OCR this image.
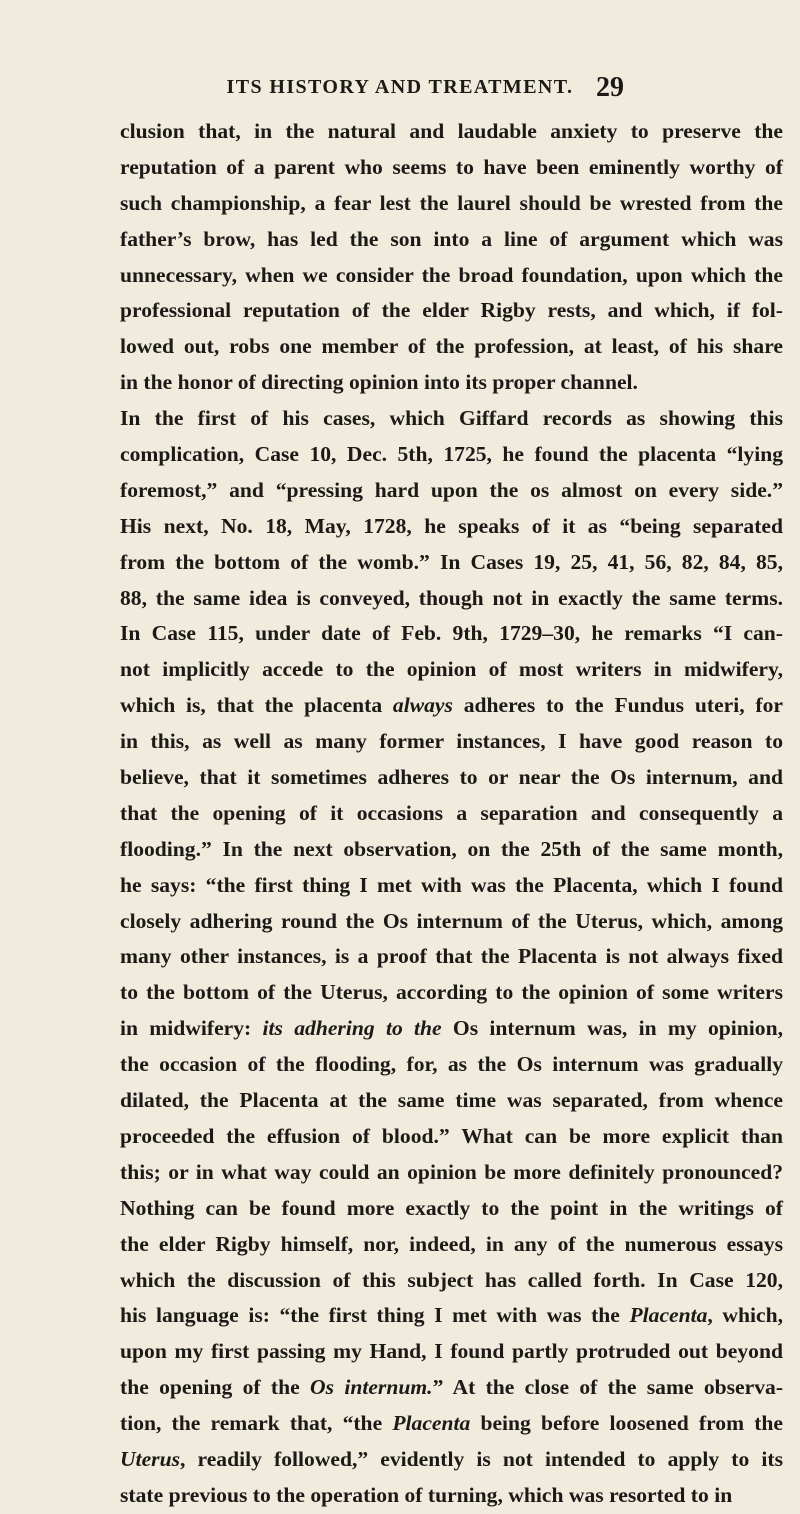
ITS HISTORY AND TREATMENT. 29
clusion that, in the natural and laudable anxiety to preserve the
reputation of a parent who seems to have been eminently worthy of
such championship, a fear lest the laurel should be wrested from the
father’s brow, has led the son into a line of argument which was
unnecessary, when we consider the broad foundation, upon which the
professional reputation of the elder Rigby rests, and which, if fol-
lowed out, robs one member of the profession, at least, of his share
in the honor of directing opinion into its proper channel.
In the first of his cases, which Giffard records as showing this
complication, Case 10, Dec. 5th, 1725, he found the placenta “lying
foremost,” and “pressing hard upon the os almost on every side.”
His next, No. 18, May, 1728, he speaks of it as “being separated
from the bottom of the womb.” In Cases 19, 25, 41, 56, 82, 84, 85,
88, the same idea is conveyed, though not in exactly the same terms.
In Case 115, under date of Feb. 9th, 1729–30, he remarks “I can-
not implicitly accede to the opinion of most writers in midwifery,
which is, that the placenta always adheres to the Fundus uteri, for
in this, as well as many former instances, I have good reason to
believe, that it sometimes adheres to or near the Os internum, and
that the opening of it occasions a separation and consequently a
flooding.” In the next observation, on the 25th of the same month,
he says: “the first thing I met with was the Placenta, which I found
closely adhering round the Os internum of the Uterus, which, among
many other instances, is a proof that the Placenta is not always fixed
to the bottom of the Uterus, according to the opinion of some writers
in midwifery: its adhering to the Os internum was, in my opinion,
the occasion of the flooding, for, as the Os internum was gradually
dilated, the Placenta at the same time was separated, from whence
proceeded the effusion of blood.” What can be more explicit than
this; or in what way could an opinion be more definitely pronounced?
Nothing can be found more exactly to the point in the writings of
the elder Rigby himself, nor, indeed, in any of the numerous essays
which the discussion of this subject has called forth. In Case 120,
his language is: “the first thing I met with was the Placenta, which,
upon my first passing my Hand, I found partly protruded out beyond
the opening of the Os internum.” At the close of the same observa-
tion, the remark that, “the Placenta being before loosened from the
Uterus, readily followed,” evidently is not intended to apply to its
state previous to the operation of turning, which was resorted to in
